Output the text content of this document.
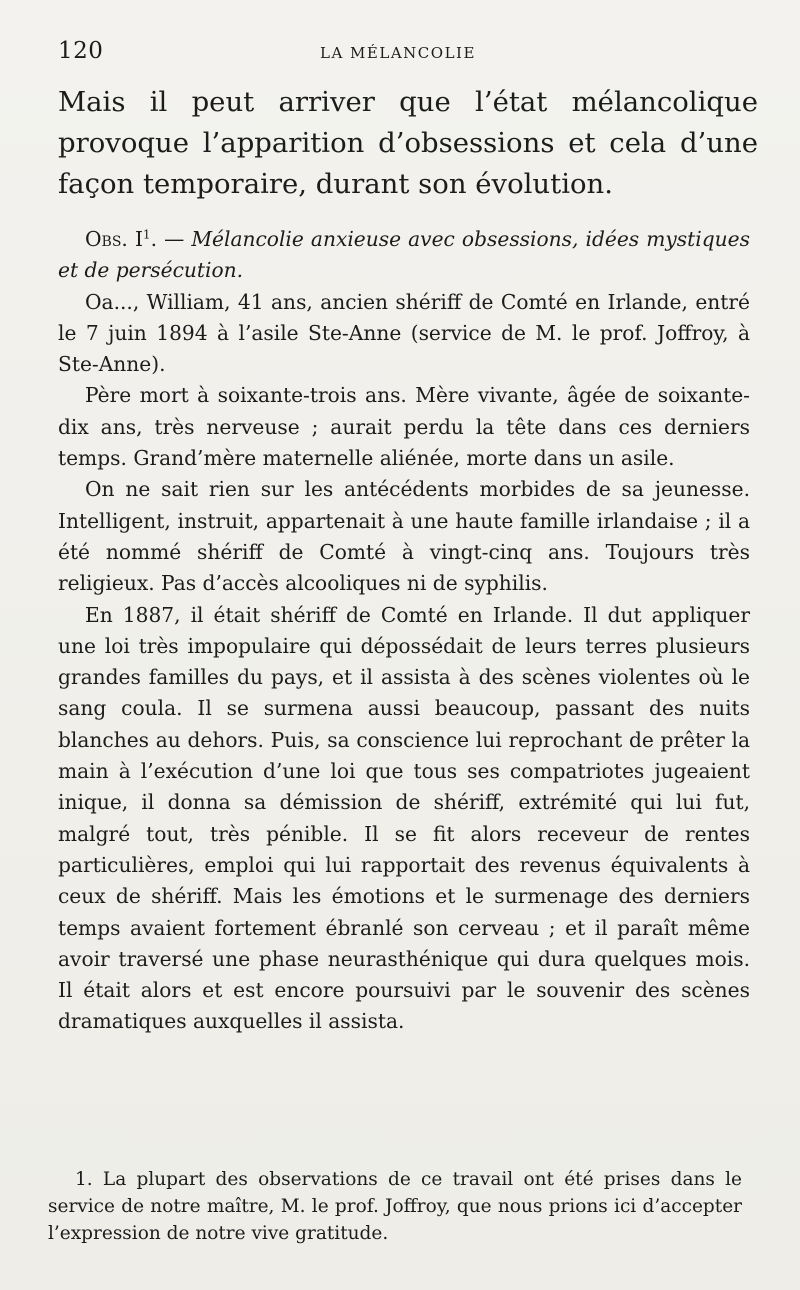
120	LA MÉLANCOLIE

Mais il peut arriver que l’état mélancolique provoque l’apparition d’obsessions et cela d’une façon temporaire, durant son évolution.

Obs. $I^1$. — Mélancolie anxieuse avec obsessions, idées mystiques et de persécution.

Oa..., William, 41 ans, ancien shériff de Comté en Irlande, entré le 7 juin 1894 à l’asile Ste-Anne (service de M. le prof. Joffroy, à Ste-Anne).

Père mort à soixante-trois ans. Mère vivante, âgée de soixante-dix ans, très nerveuse ; aurait perdu la tête dans ces derniers temps. Grand’mère maternelle aliénée, morte dans un asile.

On ne sait rien sur les antécédents morbides de sa jeunesse. Intelligent, instruit, appartenait à une haute famille irlandaise ; il a été nommé shériff de Comté à vingt-cinq ans. Toujours très religieux. Pas d’accès alcooliques ni de syphilis.

En 1887, il était shériff de Comté en Irlande. Il dut appliquer une loi très impopulaire qui dépossédait de leurs terres plusieurs grandes familles du pays, et il assista à des scènes violentes où le sang coula. Il se surmena aussi beaucoup, passant des nuits blanches au dehors. Puis, sa conscience lui reprochant de prêter la main à l’exécution d’une loi que tous ses compatriotes jugeaient inique, il donna sa démission de shériff, extrémité qui lui fut, malgré tout, très pénible. Il se fit alors receveur de rentes particulières, emploi qui lui rapportait des revenus équivalents à ceux de shériff. Mais les émotions et le surmenage des derniers temps avaient fortement ébranlé son cerveau ; et il paraît même avoir traversé une phase neurasthénique qui dura quelques mois. Il était alors et est encore poursuivi par le souvenir des scènes dramatiques auxquelles il assista.

1. La plupart des observations de ce travail ont été prises dans le service de notre maître, M. le prof. Joffroy, que nous prions ici d’accepter l’expression de notre vive gratitude.
